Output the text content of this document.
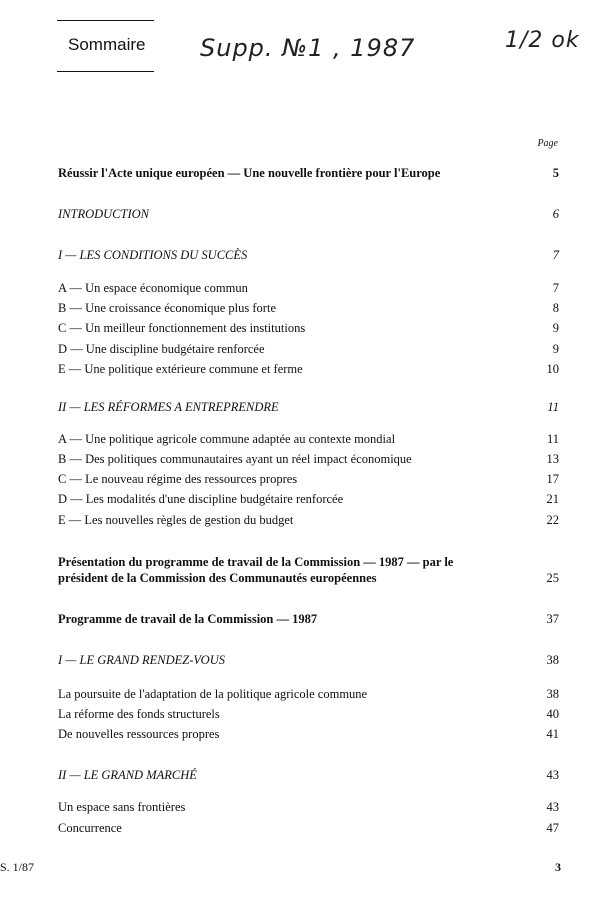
Sommaire Supp. №1 , 1987	1/2 ok
Page
Réussir l'Acte unique européen — Une nouvelle frontière pour l'Europe	5
INTRODUCTION	6
I — LES CONDITIONS DU SUCCÈS	7
A — Un espace économique commun	7
B — Une croissance économique plus forte	8
C — Un meilleur fonctionnement des institutions	9
D — Une discipline budgétaire renforcée	9
E — Une politique extérieure commune et ferme	10
II — LES RÉFORMES A ENTREPRENDRE	11
A — Une politique agricole commune adaptée au contexte mondial	11
B — Des politiques communautaires ayant un réel impact économique	13
C — Le nouveau régime des ressources propres	17
D — Les modalités d'une discipline budgétaire renforcée	21
E — Les nouvelles règles de gestion du budget	22
Présentation du programme de travail de la Commission — 1987 — par le président de la Commission des Communautés européennes	25
Programme de travail de la Commission — 1987	37
I — LE GRAND RENDEZ-VOUS	38
La poursuite de l'adaptation de la politique agricole commune	38
La réforme des fonds structurels	40
De nouvelles ressources propres	41
II — LE GRAND MARCHÉ	43
Un espace sans frontières	43
Concurrence	47
S. 1/87	3
